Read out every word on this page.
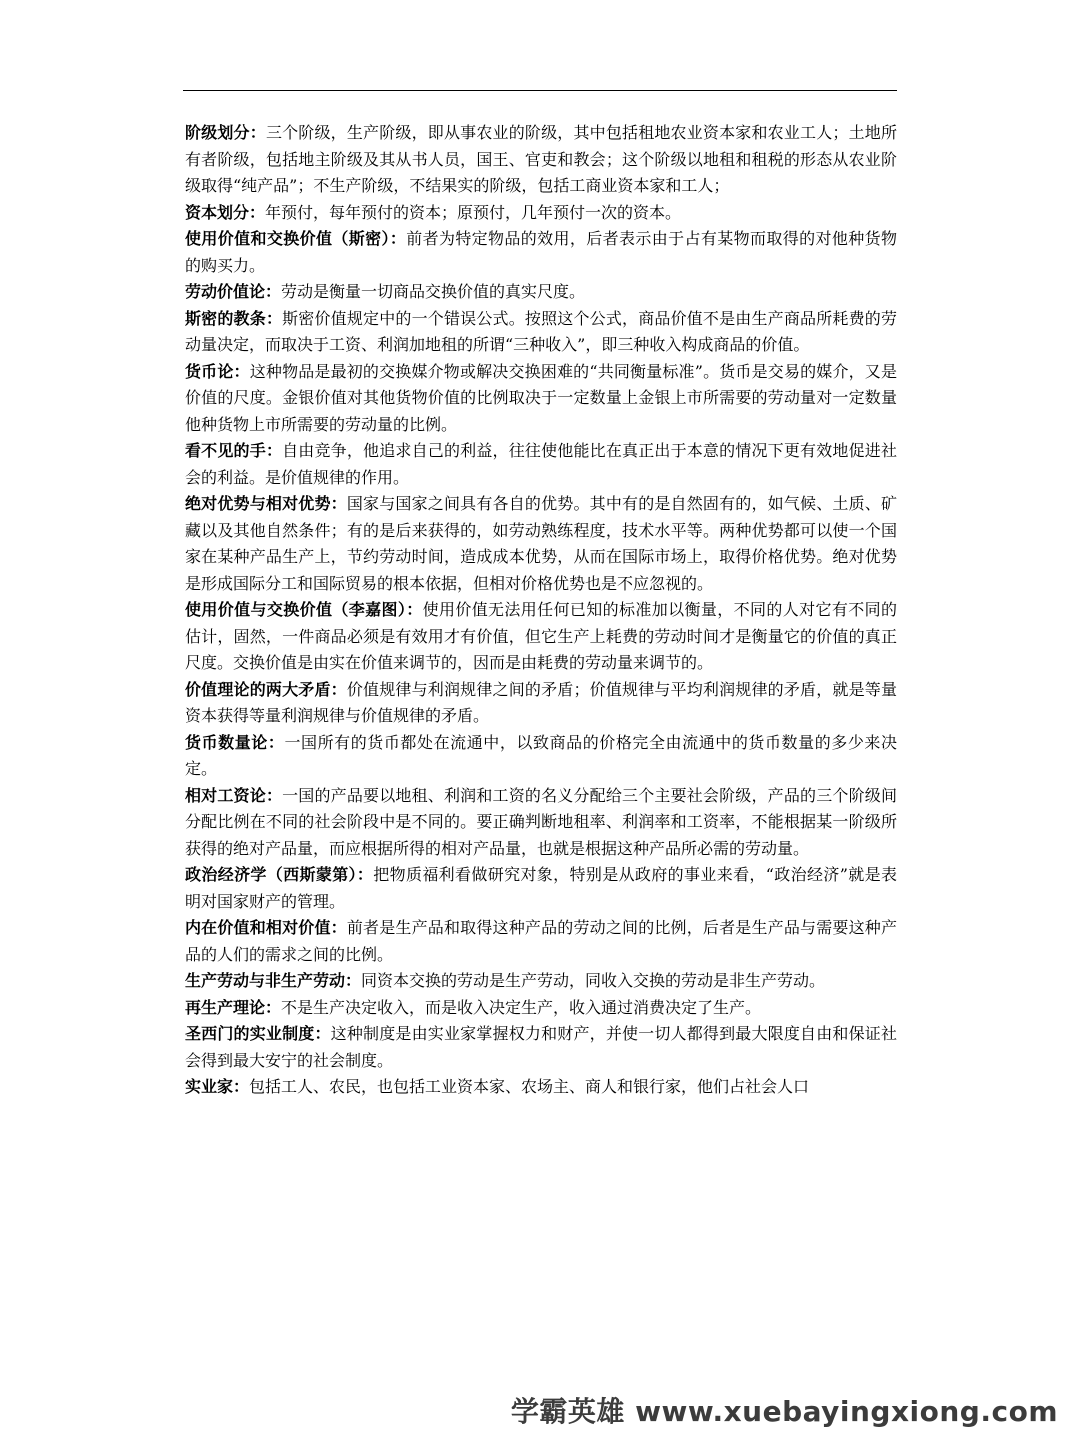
阶级划分：三个阶级，生产阶级，即从事农业的阶级，其中包括租地农业资本家和农业工人；土地所有者阶级，包括地主阶级及其从书人员，国王、官吏和教会；这个阶级以地租和租税的形态从农业阶级取得“纯产品”；不生产阶级，不结果实的阶级，包括工商业资本家和工人；

资本划分：年预付，每年预付的资本；原预付，几年预付一次的资本。

使用价值和交换价值（斯密）：前者为特定物品的效用，后者表示由于占有某物而取得的对他种货物的购买力。

劳动价值论：劳动是衡量一切商品交换价值的真实尺度。

斯密的教条：斯密价值规定中的一个错误公式。按照这个公式，商品价值不是由生产商品所耗费的劳动量决定，而取决于工资、利润加地租的所谓“三种收入”，即三种收入构成商品的价值。

货币论：这种物品是最初的交换媒介物或解决交换困难的“共同衡量标准”。货币是交易的媒介，又是价值的尺度。金银价值对其他货物价值的比例取决于一定数量上金银上市所需要的劳动量对一定数量他种货物上市所需要的劳动量的比例。

看不见的手：自由竞争，他追求自己的利益，往往使他能比在真正出于本意的情况下更有效地促进社会的利益。是价值规律的作用。

绝对优势与相对优势：国家与国家之间具有各自的优势。其中有的是自然固有的，如气候、土质、矿藏以及其他自然条件；有的是后来获得的，如劳动熟练程度，技术水平等。两种优势都可以使一个国家在某种产品生产上，节约劳动时间，造成成本优势，从而在国际市场上，取得价格优势。绝对优势是形成国际分工和国际贸易的根本依据，但相对价格优势也是不应忽视的。

使用价值与交换价值（李嘉图）：使用价值无法用任何已知的标准加以衡量，不同的人对它有不同的估计，固然，一件商品必须是有效用才有价值，但它生产上耗费的劳动时间才是衡量它的价值的真正尺度。交换价值是由实在价值来调节的，因而是由耗费的劳动量来调节的。

价值理论的两大矛盾：价值规律与利润规律之间的矛盾；价值规律与平均利润规律的矛盾，就是等量资本获得等量利润规律与价值规律的矛盾。

货币数量论：一国所有的货币都处在流通中，以致商品的价格完全由流通中的货币数量的多少来决定。

相对工资论：一国的产品要以地租、利润和工资的名义分配给三个主要社会阶级，产品的三个阶级间分配比例在不同的社会阶段中是不同的。要正确判断地租率、利润率和工资率，不能根据某一阶级所获得的绝对产品量，而应根据所得的相对产品量，也就是根据这种产品所必需的劳动量。

政治经济学（西斯蒙第）：把物质福利看做研究对象，特别是从政府的事业来看，“政治经济”就是表明对国家财产的管理。

内在价值和相对价值：前者是生产品和取得这种产品的劳动之间的比例，后者是生产品与需要这种产品的人们的需求之间的比例。

生产劳动与非生产劳动：同资本交换的劳动是生产劳动，同收入交换的劳动是非生产劳动。

再生产理论：不是生产决定收入，而是收入决定生产，收入通过消费决定了生产。

圣西门的实业制度：这种制度是由实业家掌握权力和财产，并使一切人都得到最大限度自由和保证社会得到最大安宁的社会制度。

实业家：包括工人、农民，也包括工业资本家、农场主、商人和银行家，他们占社会人口

学霸英雄 www.xuebayingxiong.com
